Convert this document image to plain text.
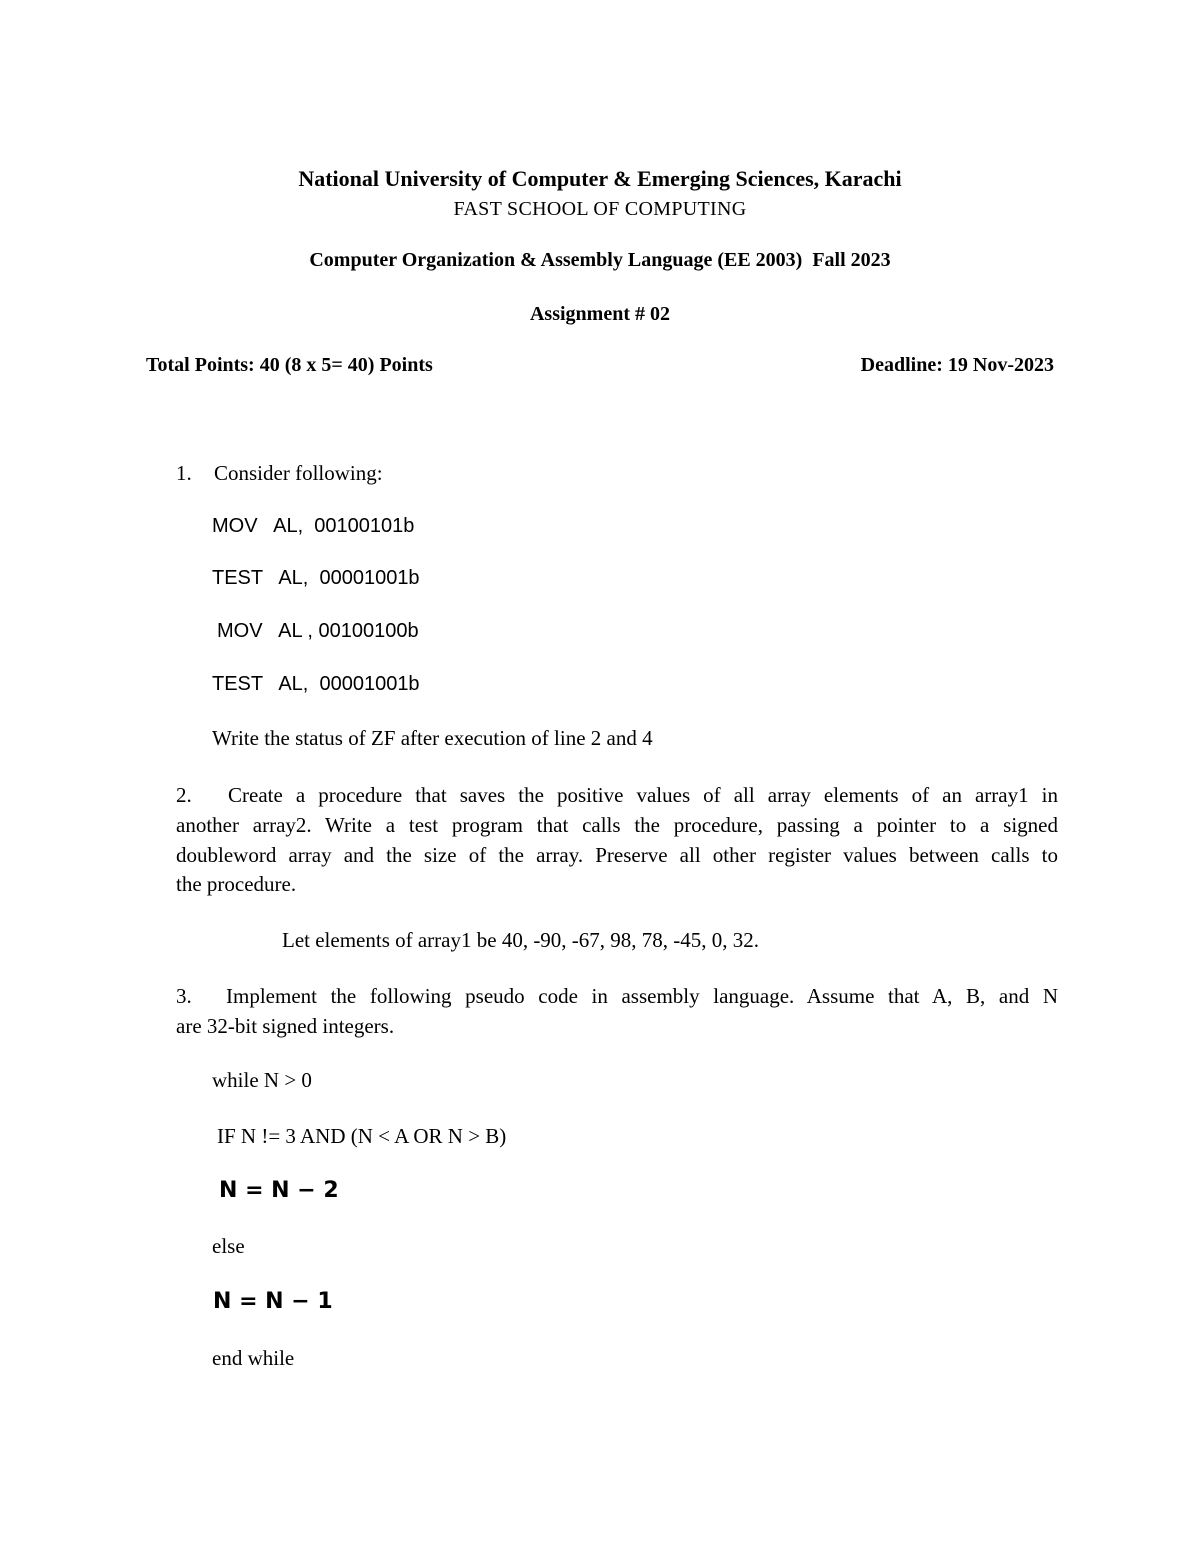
National University of Computer & Emerging Sciences, Karachi
FAST SCHOOL OF COMPUTING
Computer Organization & Assembly Language (EE 2003)  Fall 2023
Assignment # 02
Total Points: 40 (8 x 5= 40) Points	Deadline: 19 Nov-2023
1. Consider following:
MOV   AL,  00100101b
TEST   AL,  00001001b
MOV   AL , 00100100b
TEST   AL,  00001001b
Write the status of ZF after execution of line 2 and 4
2. Create a procedure that saves the positive values of all array elements of an array1 in
another array2. Write a test program that calls the procedure, passing a pointer to a signed
doubleword array and the size of the array. Preserve all other register values between calls to
the procedure.
Let elements of array1 be 40, -90, -67, 98, 78, -45, 0, 32.
3. Implement the following pseudo code in assembly language. Assume that A, B, and N
are 32-bit signed integers.
while N > 0
IF N != 3 AND (N < A OR N > B)
N = N − 2
else
N = N − 1
end while
